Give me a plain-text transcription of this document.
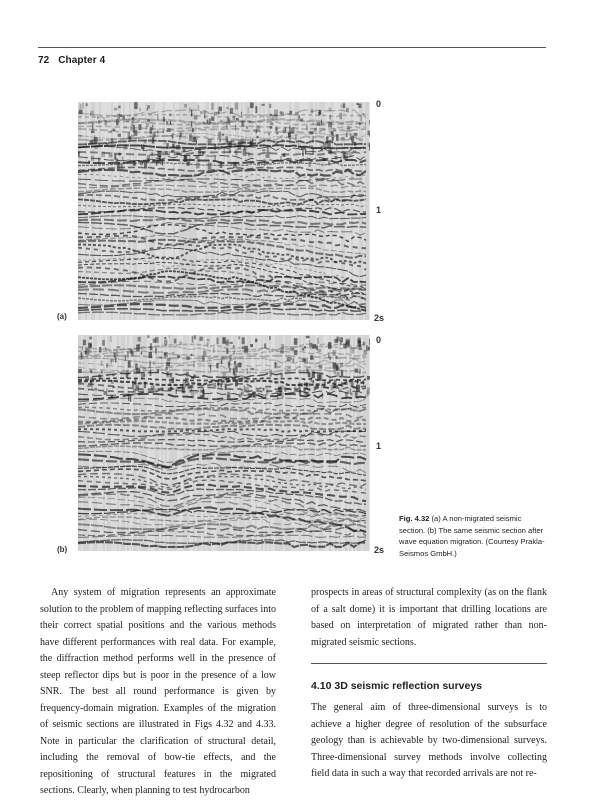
72 Chapter 4
0
1
2s
(a)
0
1
2s
(b)
Fig. 4.32 (a) A non-migrated seismic section. (b) The same seismic section after wave equation migration. (Courtesy Prakla-Seismos GmbH.)

Any system of migration represents an approximate solution to the problem of mapping reflecting surfaces into their correct spatial positions and the various methods have different performances with real data. For example, the diffraction method performs well in the presence of steep reflector dips but is poor in the presence of a low SNR. The best all round performance is given by frequency-domain migration. Examples of the migration of seismic sections are illustrated in Figs 4.32 and 4.33. Note in particular the clarification of structural detail, including the removal of bow-tie effects, and the repositioning of structural features in the migrated sections. Clearly, when planning to test hydrocarbon

prospects in areas of structural complexity (as on the flank of a salt dome) it is important that drilling locations are based on interpretation of migrated rather than non-migrated seismic sections.

4.10 3D seismic reflection surveys
The general aim of three-dimensional surveys is to achieve a higher degree of resolution of the subsurface geology than is achievable by two-dimensional surveys. Three-dimensional survey methods involve collecting field data in such a way that recorded arrivals are not re-
